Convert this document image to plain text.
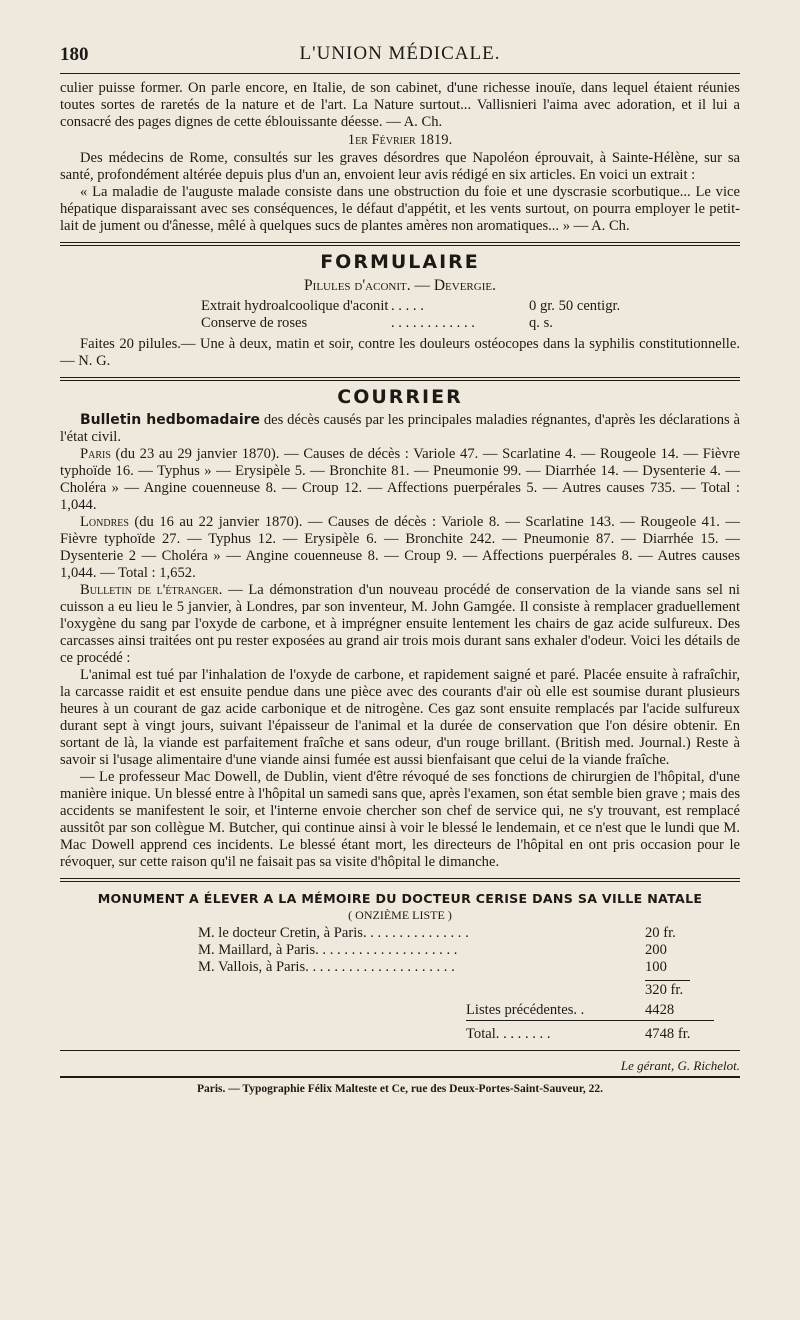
180	L'UNION MÉDICALE.

culier puisse former. On parle encore, en Italie, de son cabinet, d'une richesse inouïe, dans lequel étaient réunies toutes sortes de raretés de la nature et de l'art. La Nature surtout... Vallisnieri l'aima avec adoration, et il lui a consacré des pages dignes de cette éblouissante déesse. — A. Ch.

1er Février 1819.

Des médecins de Rome, consultés sur les graves désordres que Napoléon éprouvait, à Sainte-Hélène, sur sa santé, profondément altérée depuis plus d'un an, envoient leur avis rédigé en six articles. En voici un extrait :

« La maladie de l'auguste malade consiste dans une obstruction du foie et une dyscrasie scorbutique... Le vice hépatique disparaissant avec ses conséquences, le défaut d'appétit, et les vents surtout, on pourra employer le petit-lait de jument ou d'ânesse, mêlé à quelques sucs de plantes amères non aromatiques... » — A. Ch.

FORMULAIRE
Pilules d'aconit. — Devergie.
Extrait hydroalcoolique d'aconit . . . . .	0 gr. 50 centigr.
Conserve de roses	. . . . . . . . . . . .	q. s.

Faites 20 pilules.— Une à deux, matin et soir, contre les douleurs ostéocopes dans la syphilis constitutionnelle. — N. G.

COURRIER

Bulletin hedbomadaire des décès causés par les principales maladies régnantes, d'après les déclarations à l'état civil.

Paris (du 23 au 29 janvier 1870). — Causes de décès : Variole 47. — Scarlatine 4. — Rougeole 14. — Fièvre typhoïde 16. — Typhus » — Erysipèle 5. — Bronchite 81. — Pneumonie 99. — Diarrhée 14. — Dysenterie 4. — Choléra » — Angine couenneuse 8. — Croup 12. — Affections puerpérales 5. — Autres causes 735. — Total : 1,044.

Londres (du 16 au 22 janvier 1870). — Causes de décès : Variole 8. — Scarlatine 143. — Rougeole 41. — Fièvre typhoïde 27. — Typhus 12. — Erysipèle 6. — Bronchite 242. — Pneumonie 87. — Diarrhée 15. — Dysenterie 2 — Choléra » — Angine couenneuse 8. — Croup 9. — Affections puerpérales 8. — Autres causes 1,044. — Total : 1,652.

Bulletin de l'étranger. — La démonstration d'un nouveau procédé de conservation de la viande sans sel ni cuisson a eu lieu le 5 janvier, à Londres, par son inventeur, M. John Gamgée. Il consiste à remplacer graduellement l'oxygène du sang par l'oxyde de carbone, et à imprégner ensuite lentement les chairs de gaz acide sulfureux. Des carcasses ainsi traitées ont pu rester exposées au grand air trois mois durant sans exhaler d'odeur. Voici les détails de ce procédé :

L'animal est tué par l'inhalation de l'oxyde de carbone, et rapidement saigné et paré. Placée ensuite à rafraîchir, la carcasse raidit et est ensuite pendue dans une pièce avec des courants d'air où elle est soumise durant plusieurs heures à un courant de gaz acide carbonique et de nitrogène. Ces gaz sont ensuite remplacés par l'acide sulfureux durant sept à vingt jours, suivant l'épaisseur de l'animal et la durée de conservation que l'on désire obtenir. En sortant de là, la viande est parfaitement fraîche et sans odeur, d'un rouge brillant. (British med. Journal.) Reste à savoir si l'usage alimentaire d'une viande ainsi fumée est aussi bienfaisant que celui de la viande fraîche.

— Le professeur Mac Dowell, de Dublin, vient d'être révoqué de ses fonctions de chirurgien de l'hôpital, d'une manière inique. Un blessé entre à l'hôpital un samedi sans que, après l'examen, son état semble bien grave ; mais des accidents se manifestent le soir, et l'interne envoie chercher son chef de service qui, ne s'y trouvant, est remplacé aussitôt par son collègue M. Butcher, qui continue ainsi à voir le blessé le lendemain, et ce n'est que le lundi que M. Mac Dowell apprend ces incidents. Le blessé étant mort, les directeurs de l'hôpital en ont pris occasion pour le révoquer, sur cette raison qu'il ne faisait pas sa visite d'hôpital le dimanche.

MONUMENT A ÉLEVER A LA MÉMOIRE DU DOCTEUR CERISE DANS SA VILLE NATALE
( ONZIÈME LISTE )
M. le docteur Cretin, à Paris. . . . . . . . . . . . . . .	20 fr.
M. Maillard, à Paris. . . . . . . . . . . . . . . . . . . .	200
M. Vallois, à Paris. . . . . . . . . . . . . . . . . . . . .	100
320 fr.
Listes précédentes. .	4428
Total. . . . . . . .	4748 fr.
Le gérant, G. Richelot.
Paris. — Typographie Félix Malteste et Ce, rue des Deux-Portes-Saint-Sauveur, 22.
